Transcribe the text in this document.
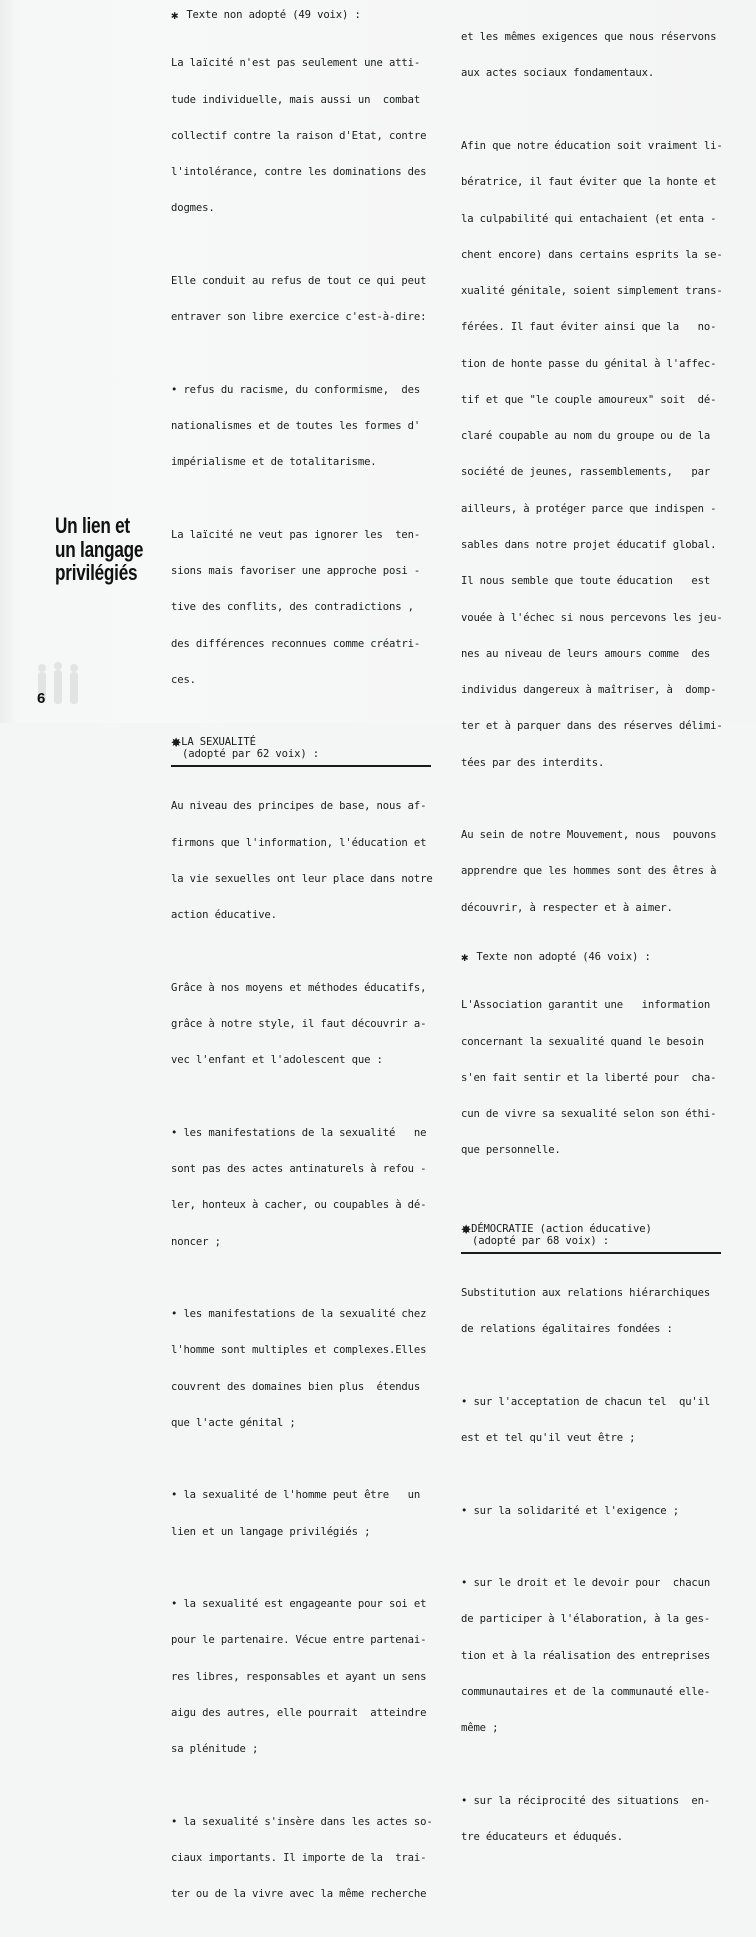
✱ Texte non adopté (49 voix) :

La laïcité n'est pas seulement une atti-

tude individuelle, mais aussi un  combat

collectif contre la raison d'Etat, contre

l'intolérance, contre les dominations des

dogmes.

Elle conduit au refus de tout ce qui peut

entraver son libre exercice c'est-à-dire:

• refus du racisme, du conformisme,  des

nationalismes et de toutes les formes d'

impérialisme et de totalitarisme.

La laïcité ne veut pas ignorer les  ten-

sions mais favoriser une approche posi -

tive des conflits, des contradictions ,

des différences reconnues comme créatri-

ces.

✸LA SEXUALITÉ
(adopté par 62 voix) :

Au niveau des principes de base, nous af-

firmons que l'information, l'éducation et

la vie sexuelles ont leur place dans notre

action éducative.

Grâce à nos moyens et méthodes éducatifs,

grâce à notre style, il faut découvrir a-

vec l'enfant et l'adolescent que :

• les manifestations de la sexualité   ne

sont pas des actes antinaturels à refou -

ler, honteux à cacher, ou coupables à dé-

noncer ;

• les manifestations de la sexualité chez

l'homme sont multiples et complexes.Elles

couvrent des domaines bien plus  étendus

que l'acte génital ;

• la sexualité de l'homme peut être   un

lien et un langage privilégiés ;

• la sexualité est engageante pour soi et

pour le partenaire. Vécue entre partenai-

res libres, responsables et ayant un sens

aigu des autres, elle pourrait  atteindre

sa plénitude ;

• la sexualité s'insère dans les actes so-

ciaux importants. Il importe de la  trai-

ter ou de la vivre avec la même recherche

et les mêmes exigences que nous réservons

aux actes sociaux fondamentaux.

Afin que notre éducation soit vraiment li-

bératrice, il faut éviter que la honte et

la culpabilité qui entachaient (et enta -

chent encore) dans certains esprits la se-

xualité génitale, soient simplement trans-

férées. Il faut éviter ainsi que la   no-

tion de honte passe du génital à l'affec-

tif et que "le couple amoureux" soit  dé-

claré coupable au nom du groupe ou de la

société de jeunes, rassemblements,   par

ailleurs, à protéger parce que indispen -

sables dans notre projet éducatif global.

Il nous semble que toute éducation   est

vouée à l'échec si nous percevons les jeu-

nes au niveau de leurs amours comme  des

individus dangereux à maîtriser, à  domp-

ter et à parquer dans des réserves délimi-

tées par des interdits.

Au sein de notre Mouvement, nous  pouvons

apprendre que les hommes sont des êtres à

découvrir, à respecter et à aimer.

✱ Texte non adopté (46 voix) :

L'Association garantit une   information

concernant la sexualité quand le besoin

s'en fait sentir et la liberté pour  cha-

cun de vivre sa sexualité selon son éthi-

que personnelle.

✸DÉMOCRATIE (action éducative)
(adopté par 68 voix) :

Substitution aux relations hiérarchiques

de relations égalitaires fondées :

• sur l'acceptation de chacun tel  qu'il

est et tel qu'il veut être ;

• sur la solidarité et l'exigence ;

• sur le droit et le devoir pour  chacun

de participer à l'élaboration, à la ges-

tion et à la réalisation des entreprises

communautaires et de la communauté elle-

même ;

• sur la réciprocité des situations  en-

tre éducateurs et éduqués.

Un lien et
un langage
privilégiés
6
